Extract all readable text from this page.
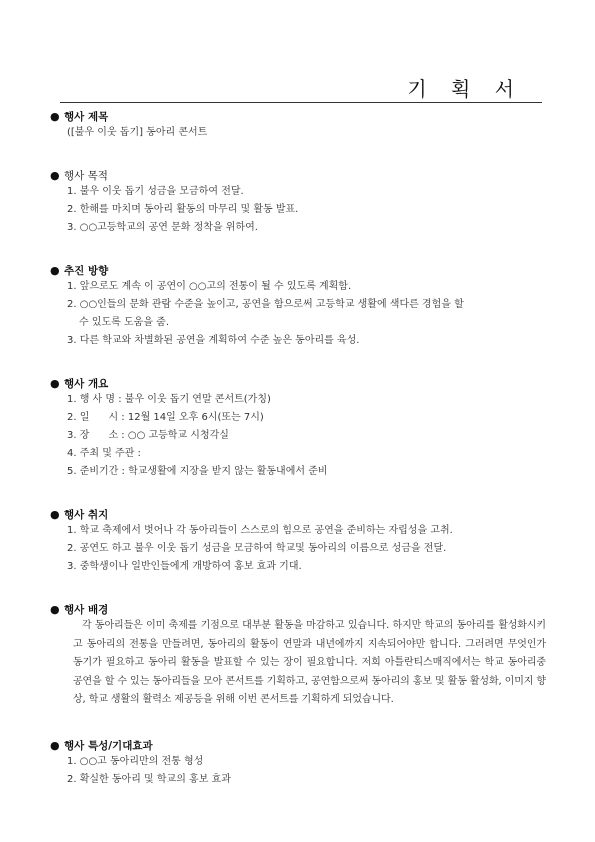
기 획 서
● 행사 제목
([불우 이웃 돕기] 동아리 콘서트
● 행사 목적
1. 불우 이웃 돕기 성금을 모금하여 전달.
2. 한해를 마치며 동아리 활동의 마무리 및 활동 발표.
3. ○○고등학교의 공연 문화 정착을 위하여.
● 추진 방향
1. 앞으로도 계속 이 공연이 ○○고의 전통이 될 수 있도록 계획함.
2. ○○인들의 문화 관람 수준을 높이고, 공연을 함으로써 고등학교 생활에 색다른 경험을 할
수 있도록 도움을 줌.
3. 다른 학교와 차별화된 공연을 계획하여 수준 높은 동아리를 육성.
● 행사 개요
1. 행 사 명 : 불우 이웃 돕기 연말 콘서트(가칭)
2. 일      시 : 12월 14일 오후 6시(또는 7시)
3. 장      소 : ○○ 고등학교 시청각실
4. 주최 및 주관 :
5. 준비기간 : 학교생활에 지장을 받지 않는 활동내에서 준비
● 행사 취지
1. 학교 축제에서 벗어나 각 동아리들이 스스로의 힘으로 공연을 준비하는 자립성을 고취.
2. 공연도 하고 불우 이웃 돕기 성금을 모금하여 학교및 동아리의 이름으로 성금을 전달.
3. 중학생이나 일반인들에게 개방하여 홍보 효과 기대.
● 행사 배경
각 동아리들은 이미 축제를 기점으로 대부분 활동을 마감하고 있습니다. 하지만 학교의 동아리를 활성화시키고 동아리의 전통을 만들려면, 동아리의 활동이 연말과 내년에까지 지속되어야만 합니다. 그러려면 무엇인가 동기가 필요하고 동아리 활동을 발표할 수 있는 장이 필요합니다. 저희 아틀란티스매직에서는 학교 동아리중 공연을 할 수 있는 동아리들을 모아 콘서트를 기획하고, 공연함으로써 동아리의 홍보 및 활동 활성화, 이미지 향상, 학교 생활의 활력소 제공등을 위해 이번 콘서트를 기획하게 되었습니다.
● 행사 특성/기대효과
1. ○○고 동아리만의 전통 형성
2. 확실한 동아리 및 학교의 홍보 효과
